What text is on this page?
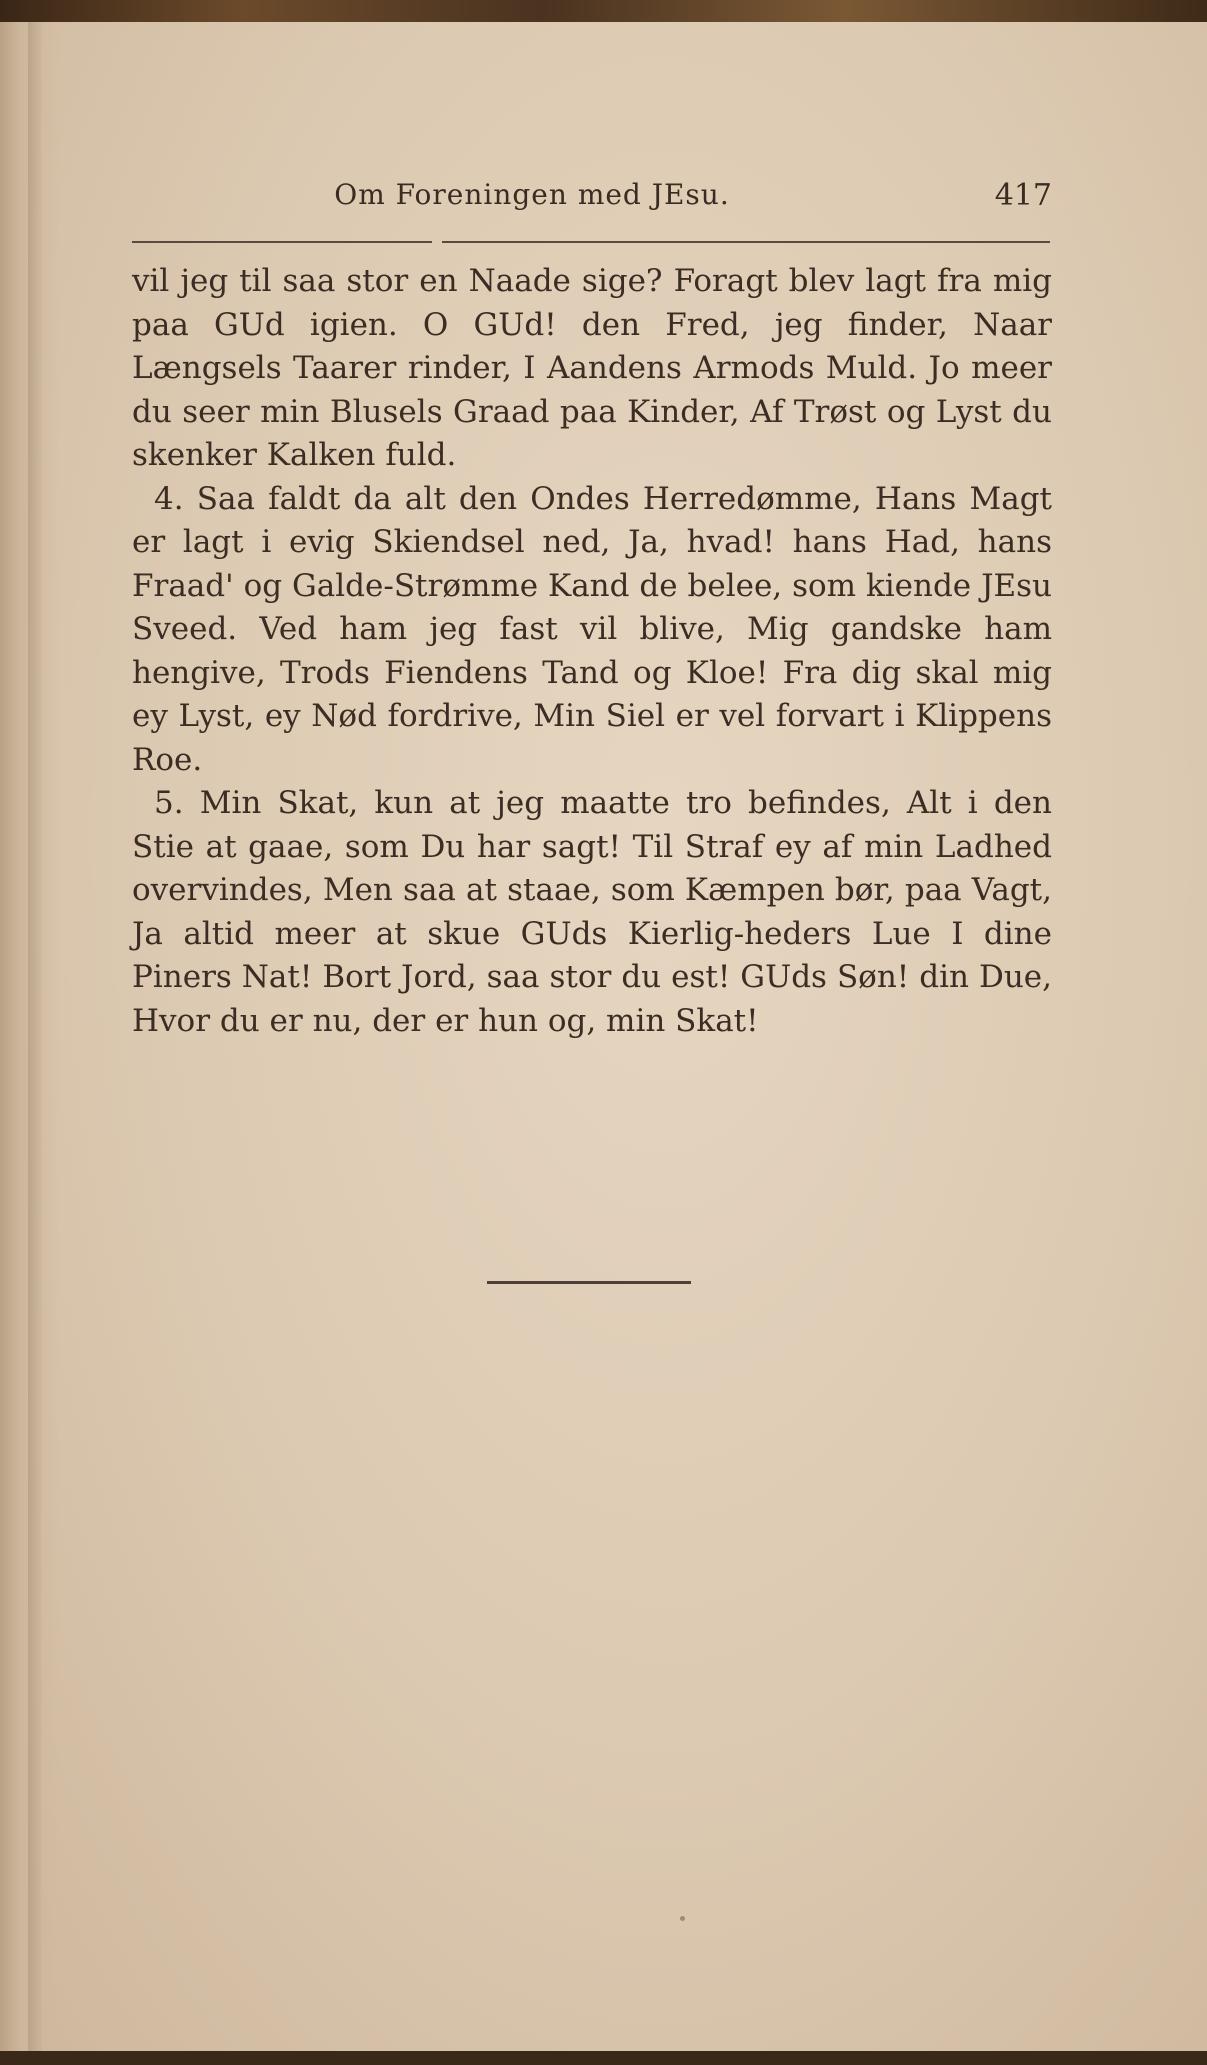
Om Foreningen med JEsu.	417

vil jeg til saa stor en Naade sige? Foragt blev lagt fra mig paa GUd igien. O GUd! den Fred, jeg finder, Naar Længsels Taarer rinder, I Aandens Armods Muld. Jo meer du seer min Blusels Graad paa Kinder, Af Trøst og Lyst du skenker Kalken fuld.

4. Saa faldt da alt den Ondes Herredømme, Hans Magt er lagt i evig Skiendsel ned, Ja, hvad! hans Had, hans Fraad' og Galde-Strømme Kand de belee, som kiende JEsu Sveed. Ved ham jeg fast vil blive, Mig gandske ham hengive, Trods Fiendens Tand og Kloe! Fra dig skal mig ey Lyst, ey Nød fordrive, Min Siel er vel forvart i Klippens Roe.

5. Min Skat, kun at jeg maatte tro befindes, Alt i den Stie at gaae, som Du har sagt! Til Straf ey af min Ladhed overvindes, Men saa at staae, som Kæmpen bør, paa Vagt, Ja altid meer at skue GUds Kierlig-heders Lue I dine Piners Nat! Bort Jord, saa stor du est! GUds Søn! din Due, Hvor du er nu, der er hun og, min Skat!
